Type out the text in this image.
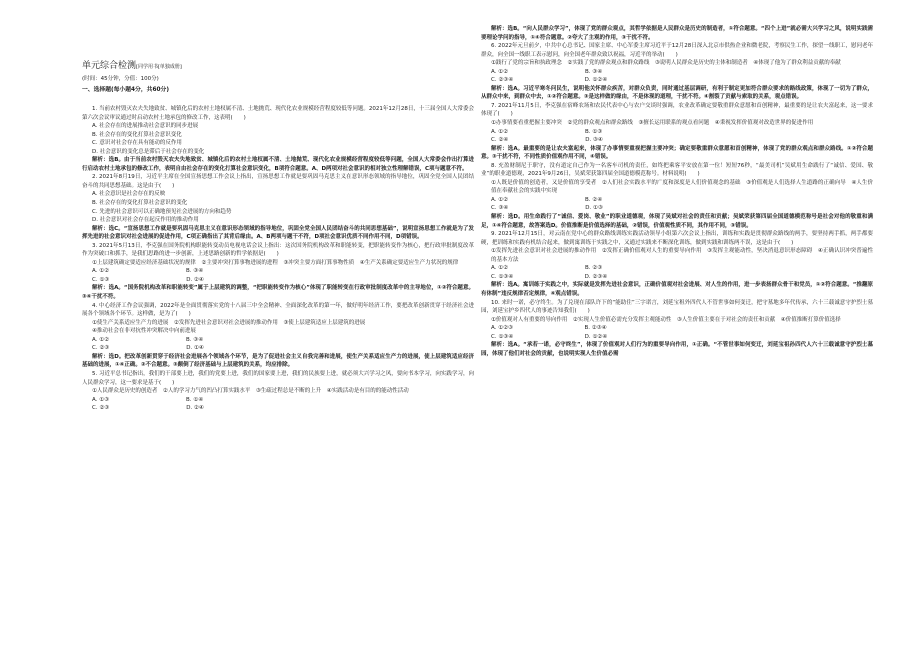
单元综合检测[同学用书[单独成册]
(时间：45分钟，分值：100分)
一、选择题(每小题4分，共60分)

1. 当前农村毁灭农夫失地致贫、城镇化后的农村土地权属不清、土地抛荒、现代化农业规模经营程度较低等问题。2021年12月28日，十三届全国人大常委会第六次会议审议通过时启动农村土地承包的修改工作，这表明(　　)

A. 社会存在的进展推动社会意识的同步进展

B. 社会存在的变化打算社会意识变化

C. 意识对社会存在具有能动的反作用

D. 社会意识的变化总是滞后于社会存在的变化

解析：选B。由于当前农村毁灭农夫失地致贫、城镇化后的农村土地权属不清、土地抛荒、现代化农业规模经营程度较低等问题，全国人大常委会作出打算进行启动农村土地承包的修改工作，表明自由社会存在的变化打算社会意识变化，B项符合题意。A、D两项对社会意识的相对独立性理解错误，C项与题意不符。

2. 2021年8月19日，习近平主席在全国宣扬思想工作会议上指出，宣扬思想工作就是要巩固马克思主义在意识形态领域的指导地位，巩固全党全国人民团结奋斗的共同思想基础。这是由于(　　)

A. 社会意识是社会存在的反映

B. 社会存在的变化打算社会意识的变化

C. 先进的社会意识可以正确地预见社会进展的方向和趋势

D. 社会意识对社会存在起反作用的推动作用

解析：选C。“宣扬思想工作就是要巩固马克思主义在意识形态领域的指导地位，巩固全党全国人民团结奋斗的共同思想基础”，说明宣扬思想工作就是为了发挥先进的社会意识对社会进展的促进作用，C项正确指出了其背后缘由。A、B两项与题干不符，D项社会意识优质不同作用不同，D项错误。

3. 2021年5月13日，李克强在国务院机构职能转变动员电视电话会议上指出：这次国务院机构改革和职能转变，把职能转变作为核心，把行政审批制度改革作为突破口和抓手，是我们思路的进一步创新，上述思路创新的哲学依据是(　　)

①上层建筑确定要适应经济基础状况的规律　②主要冲突打算事物进展的进程　③冲突主要方面打算事物性质　④生产关系确定要适应生产力状况的规律

A. ①②　　　　　　　　　　　　　　B. ③④

C. ①③　　　　　　　　　　　　　　D. ②④

解析：选A。“国务院机构改革和职能转变”属于上层建筑的调整，“把职能转变作为核心”体现了职能转变在行政审批制度改革中的主导地位，①②符合题意。③④干扰不符。

4. 中心经济工作会议强调，2022年是全面贯彻落实党的十八届三中全会精神、全面深化改革的第一年，做好明年经济工作，要把改革创新贯穿于经济社会进展各个领域各个环节。这样做，是为了(　　)

①使生产关系适应生产力的进展　②发挥先进社会意识对社会进展的推动作用　③使上层建筑适应上层建筑的进展

④推动社会在非对抗性冲突解决中向前进展

A. ①②　　　　　　　　　　　　　　B. ③④

C. ②③　　　　　　　　　　　　　　D. ①④

解析：选D。把改革创新贯穿于经济社会进展各个领域各个环节，是为了促进社会主义自我完善和进展，使生产关系适应生产力的进展，使上层建筑适应经济基础的进展，①④正确。②不合题意。③颠倒了经济基础与上层建筑的关系，均应排除。

5. 习近平总书记指出，我们的干部要上进，我们的党要上进，我们的国家要上进，我们的民族要上进，就必须大兴学习之风，要向书本学习，向实践学习，向人民群众学习，这一要求是基于(　　)

①人民群众是历史的创造者　②人的学习力气的凹凸打算实践水平　③生疏过程总是不断的上升　④实践活动是有目的的能动性活动

A. ①③　　　　　　　　　　　　　　B. ①④

C. ②③　　　　　　　　　　　　　　D. ②④

解析：选B。“向人民群众学习”，体现了党的群众观点，其哲学依据是人民群众是历史的制造者，①符合题意。“四个上进”就必需大兴学习之风，说明实践需要理论学问的指导，①④符合题意。②夸大了主观的作用，③干扰不符。

6. 2022年元旦前夕，中共中心总书记、国家主席、中心军委主席习近平于12月28日深入北京市供热企业和微老院，考察民生工作，探望一线职工，慰问老年群众，向全国一线职工表示慰问，向全国老年群众致以祝福，习近平的举动(　　)

①践行了党的宗旨和执政理念　②实践了党的群众观点和群众路线　③说明人民群众是历史的主体和制造者　④体现了他为了群众利益贡献的奉献

A. ①②　　　　　　　　　　　　　　B. ③④

C. ②③④　　　　　　　　　　　　　D. ①②④

解析：选A。习近平寒冬问民生，说明他关怀群众疾苦，对群众负责，同时通过基层调研，有利于制定更加符合群众要求的路线政策，体现了一切为了群众，从群众中来，到群众中去，①②符合题意。③是这样做的缘由，不是体现的道理，干扰不符。④割裂了贡献与索取的关系，观点错误。

7. 2021年11月5日，李克强在宿峰农场和农民代表中心与农户交谈时强调，农业改革确定要敬重群众意愿和首创精神，最重要的是让农夫富起来，这一要求体现了(　　)

①办事情要看重把握主要冲突　②党的群众观点和群众路线　③擅长运用联系的观点看问题　④秉视发挥价值观对改造世界的促进作用

A. ①②　　　　　　　　　　　　　　B. ①③

C. ②④　　　　　　　　　　　　　　D. ③④

解析：选A。最重要的是让农夫富起来，体现了办事情要重视把握主要冲突；确定要敬重群众意愿和首创精神，体现了党的群众观点和群众路线。①②符合题意。③干扰不符，不同性质价值观作用不同，④错误。

8. 充盈财制尼于职守，没有道定自己作为一名客车司机的责任，如终把乘客平安放在第一位！短短76秒，“最美司机”吴斌用生命践行了“诚信、爱国、敬业”的职业道德观，2021年9月26日，吴斌荣获第四届全国道德模范称号。材料说明(　　)

①人既是价值的创造者，又是价值的享受者　②人们社会实践水平的广度和深度是人们价值观念的基础　③价值观是人们选择人生道路的正确向导　④人生价值在奉献社会的实践中实现

A. ①②　　　　　　　　　　　　　　B. ②④

C. ③④　　　　　　　　　　　　　　D. ①③

解析：选D。用生命践行了“诚信、爱岗、敬业”的职业道德观，体现了吴斌对社会的责任和贡献；吴斌荣获第四届全国道德模范称号是社会对他的敬重和满足，①④符合题意，故答案选D。价值推断是价值选择的基础，②错误，价值观性质不同，其作用不同，③错误。

9. 2021年12月15日，对云南在党中心的群众路线训练实践活动领导小组第六次会议上指出，训练和实践是贯彻群众路线的两手，要坚持两手抓，两手都要硬，把训练和实践有机结合起来，做到寓训练于实践之中，又通过实践来不断深化训练，做到实践和训练两不误，这是由于(　　)

①发挥先进社会意识对社会进展的推动作用　②发挥正确价值观对人生的重要导向作用　③发挥主观能动性，坚决消退意识形态障碍　④正确认识冲突普遍性的基本方法

A. ①②　　　　　　　　　　　　　　B. ②③

C. ①③④　　　　　　　　　　　　　D. ②③④

解析：选A。寓训练于实践之中，实际就是发挥先进社会意识，正确价值观对社会进展、对人生的作用，进一步表扬群众骨干和党员，①②符合题意。“推翻原有体制”违反规律否定规律，④观点错误。

10. 来时一诺，必守终生。为了兑现在部队许下的“能助住”三字诺言，刘延宝租外四代人不管世事如何变迁，把守墓地多年代传承，六十三载诚意守护烈士墓园，刘延宝护乡四代人的事迹告知我们(　　)

①价值观对人有重要的导向作用　②实现人生价值必需充分发挥主观能动性　③人生价值主要在于对社会的责任和贡献　④价值推断打算价值选择

A. ①②③　　　　　　　　　　　　　B. ②③④

C. ①③④　　　　　　　　　　　　　D. ①②④

解析：选A。“承若一诺，必守终生”，体现了价值观对人们行为的重要导向作用，①正确。“不管世事如何变迁，刘延宝祖孙四代人六十三载诚意守护烈士墓园，体现了他们对社会的贡献，也说明实现人生价值必需
